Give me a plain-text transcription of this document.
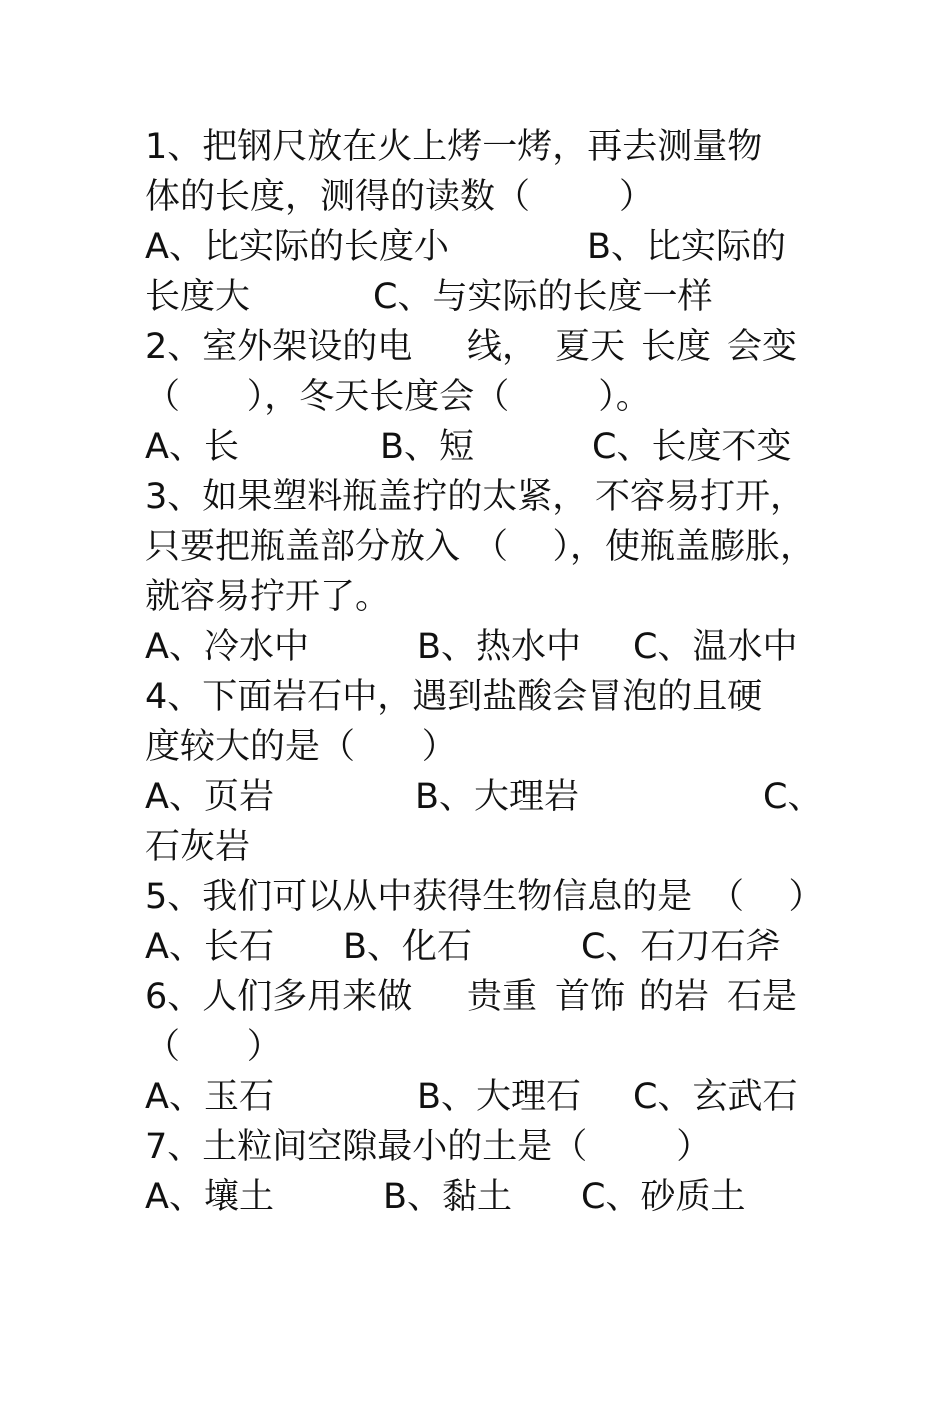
1、把钢尺放在火上烤一烤，再去测量物
体的长度，测得的读数（        ）

A、比实际的长度小

	B、比实际的

长度大

	C、与实际的长度一样

2、室外架设的电

线，

夏天

长度

会变

（      ），冬天长度会（        ）。

A、长

	B、短

	C、长度不变

3、如果塑料瓶盖拧的太紧，

不容易打开，

只要把瓶盖部分放入

（    ），使瓶盖膨胀，

就容易拧开了。

A、冷水中

	B、热水中

C、温水中

4、下面岩石中，遇到盐酸会冒泡的且硬
度较大的是（      ）

A、页岩

	B、大理岩

	C、

石灰岩

5、我们可以从中获得生物信息的是

（    ）

A、长石

B、化石

	C、石刀石斧

6、人们多用来做

贵重

首饰

的岩

石是

（      ）

A、玉石

	B、大理石

C、玄武石

7、土粒间空隙最小的土是（        ）

A、壤土

	B、黏土

C、砂质土
